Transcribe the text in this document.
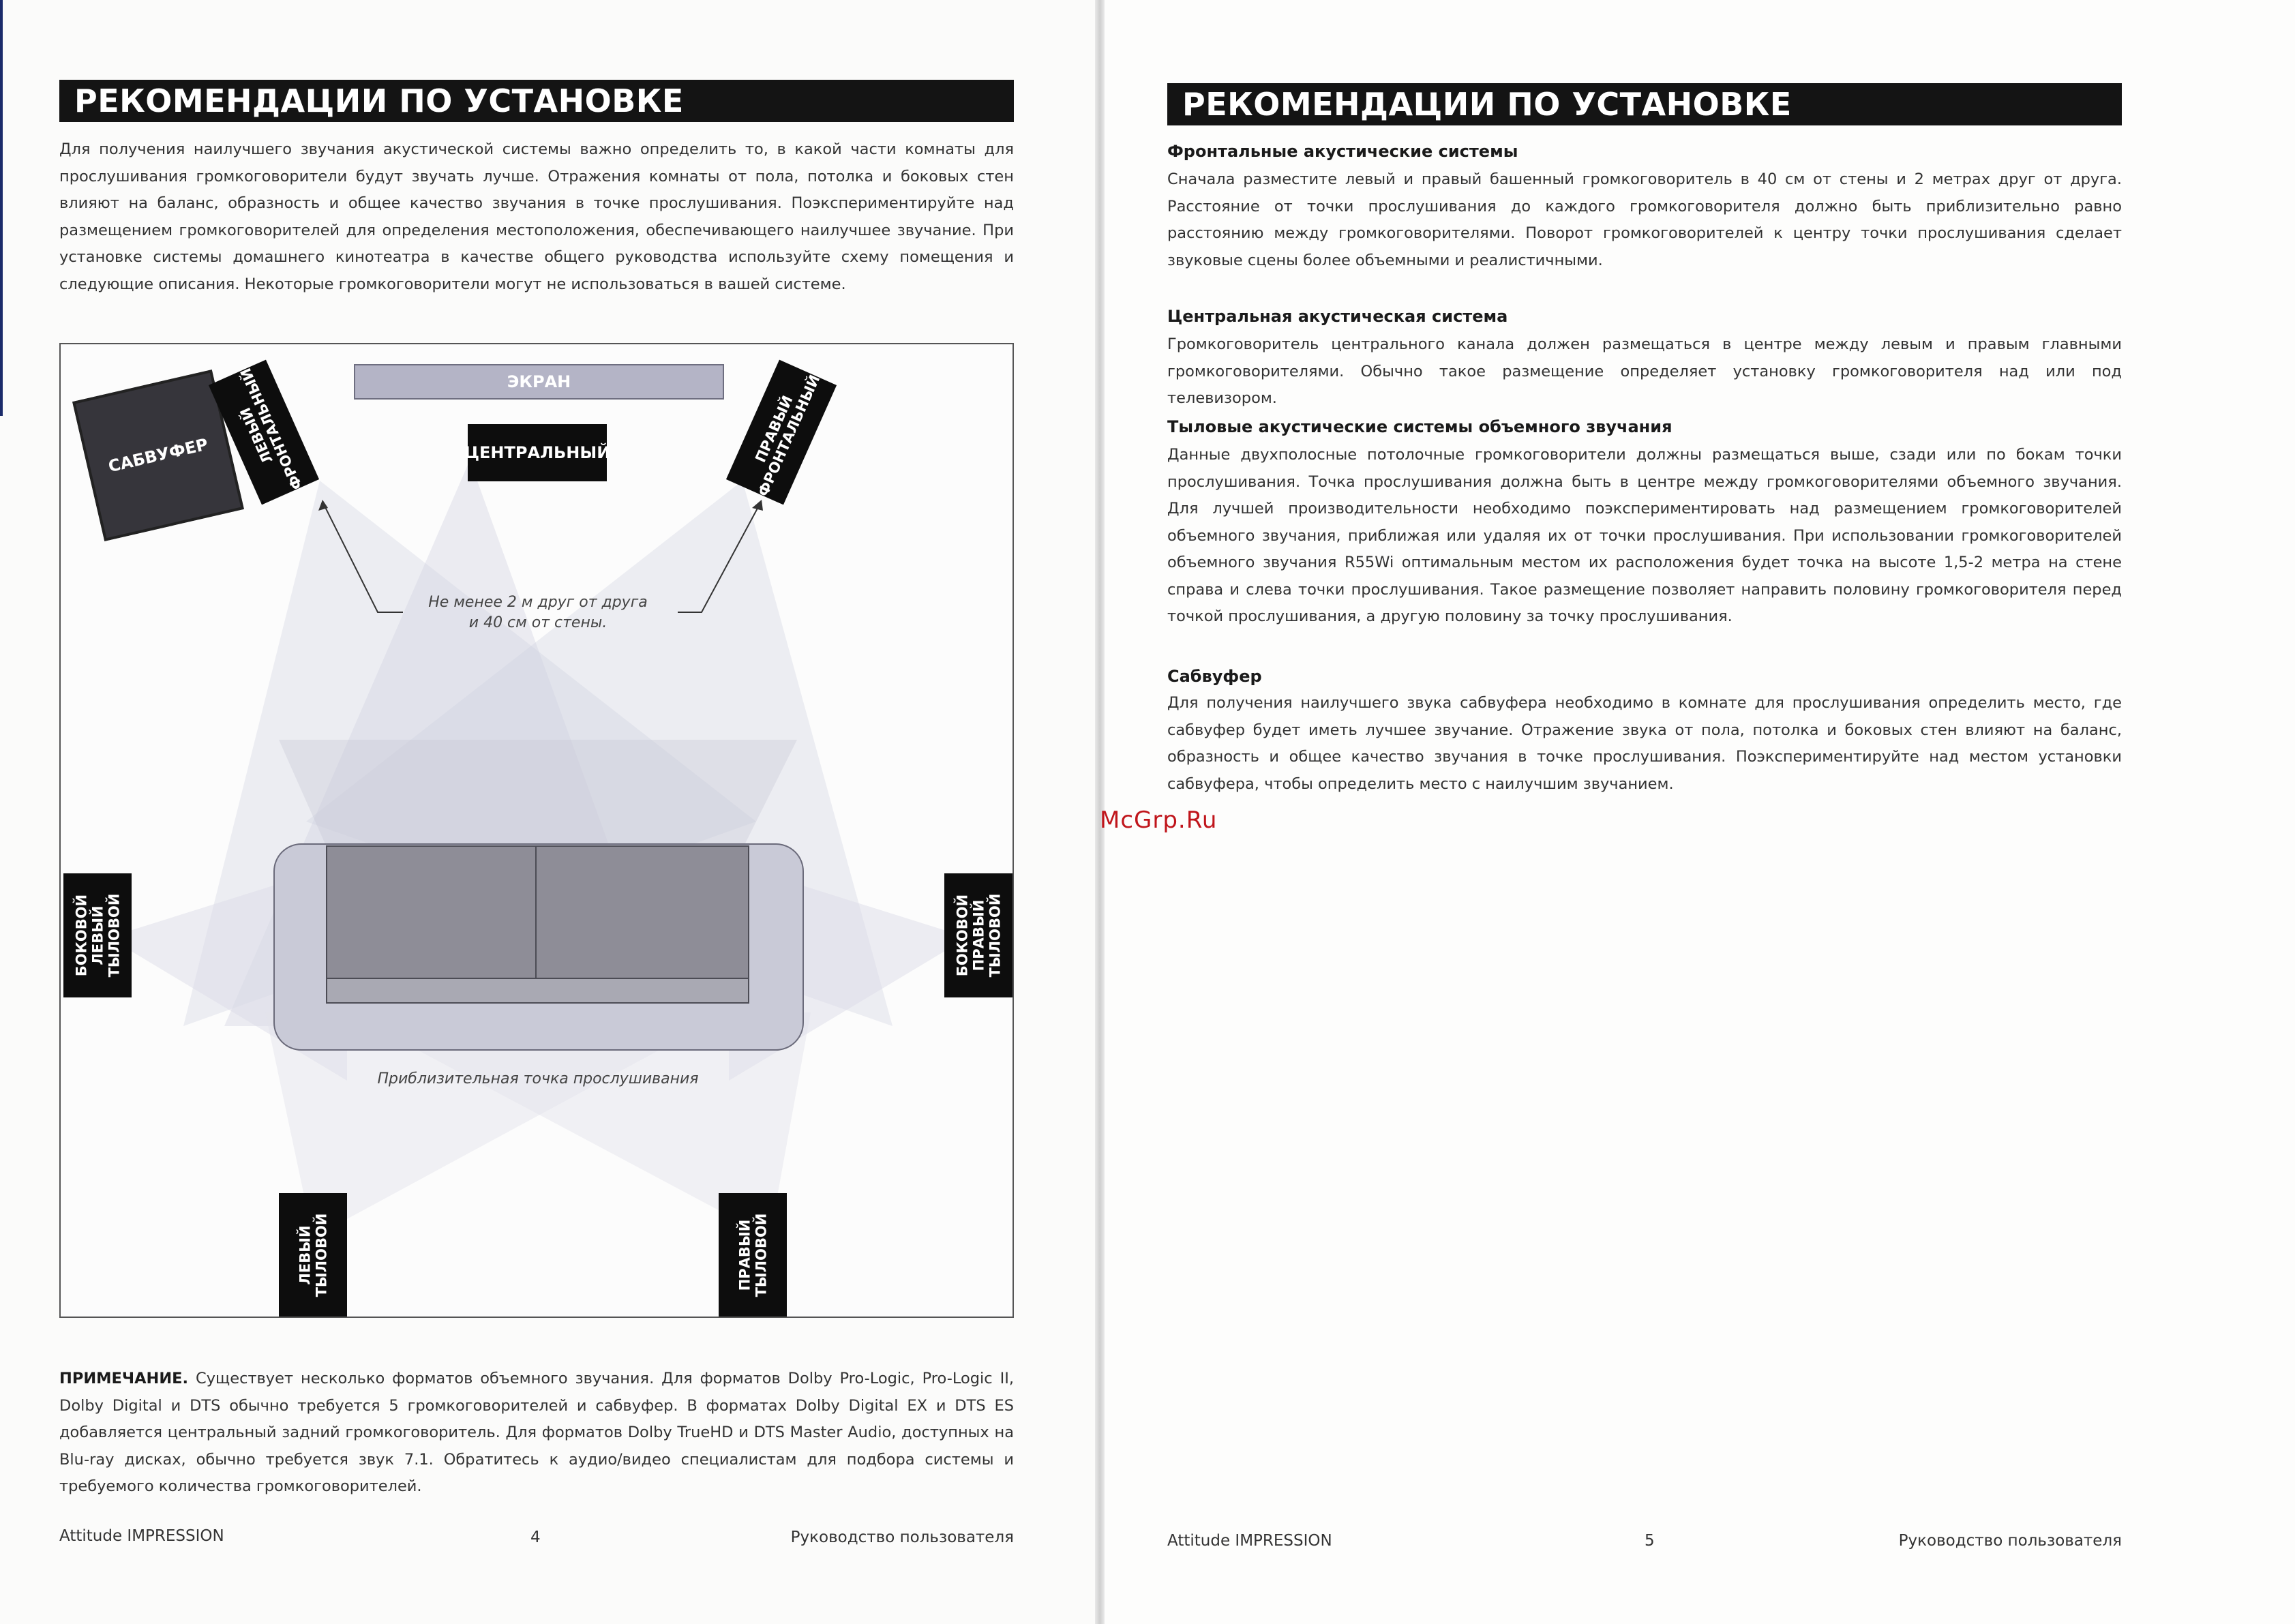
РЕКОМЕНДАЦИИ ПО УСТАНОВКЕ

Для получения наилучшего звучания акустической системы важно определить то, в какой части комнаты для прослушивания громкоговорители будут звучать лучше. Отражения комнаты от пола, потолка и боковых стен влияют на баланс, образность и общее качество звучания в точке прослушивания. Поэкспериментируйте над размещением громкоговорителей для определения местоположения, обеспечивающего наилучшее звучание. При установке системы домашнего кинотеатра в качестве общего руководства используйте схему помещения и следующие описания. Некоторые громкоговорители могут не использоваться в вашей системе.

ЭКРАН
САБВУФЕР	ЛЕВЫЙ
ФРОНТАЛЬНЫЙ	ЦЕНТРАЛЬНЫЙ	ПРАВЫЙ
ФРОНТАЛЬНЫЙ
Не менее 2 м друг от друга
и 40 см от стены.
БОКОВОЙ
ЛЕВЫЙ
ТЫЛОВОЙ	БОКОВОЙ
ПРАВЫЙ
ТЫЛОВОЙ
Приблизительная точка прослушивания
ЛЕВЫЙ
ТЫЛОВОЙ	ПРАВЫЙ
ТЫЛОВОЙ

ПРИМЕЧАНИЕ. Существует несколько форматов объемного звучания. Для форматов Dolby Pro-Logic, Pro-Logic II, Dolby Digital и DTS обычно требуется 5 громкоговорителей и сабвуфер. В форматах Dolby Digital EX и DTS ES добавляется центральный задний громкоговоритель. Для форматов Dolby TrueHD и DTS Master Audio, доступных на Blu-ray дисках, обычно требуется звук 7.1. Обратитесь к аудио/видео специалистам для подбора системы и требуемого количества громкоговорителей.

Attitude IMPRESSION	4	Руководство пользователя
РЕКОМЕНДАЦИИ ПО УСТАНОВКЕ
Фронтальные акустические системы

Сначала разместите левый и правый башенный громкоговоритель в 40 см от стены и 2 метрах друг от друга. Расстояние от точки прослушивания до каждого громкоговорителя должно быть приблизительно равно расстоянию между громкоговорителями. Поворот громкоговорителей к центру точки прослушивания сделает звуковые сцены более объемными и реалистичными.

Центральная акустическая система

Громкоговоритель центрального канала должен размещаться в центре между левым и правым главными громкоговорителями. Обычно такое размещение определяет установку громкоговорителя над или под телевизором.

Тыловые акустические системы объемного звучания

Данные двухполосные потолочные громкоговорители должны размещаться выше, сзади или по бокам точки прослушивания. Точка прослушивания должна быть в центре между громкоговорителями объемного звучания. Для лучшей производительности необходимо поэкспериментировать над размещением громкоговорителей объемного звучания, приближая или удаляя их от точки прослушивания. При использовании громкоговорителей объемного звучания R55Wi оптимальным местом их расположения будет точка на высоте 1,5-2 метра на стене справа и слева точки прослушивания. Такое размещение позволяет направить половину громкоговорителя перед точкой прослушивания, а другую половину за точку прослушивания.

Сабвуфер

Для получения наилучшего звука сабвуфера необходимо в комнате для прослушивания определить место, где сабвуфер будет иметь лучшее звучание. Отражение звука от пола, потолка и боковых стен влияют на баланс, образность и общее качество звучания в точке прослушивания. Поэкспериментируйте над местом установки сабвуфера, чтобы определить место с наилучшим звучанием.

McGrp.Ru
Attitude IMPRESSION	5	Руководство пользователя
